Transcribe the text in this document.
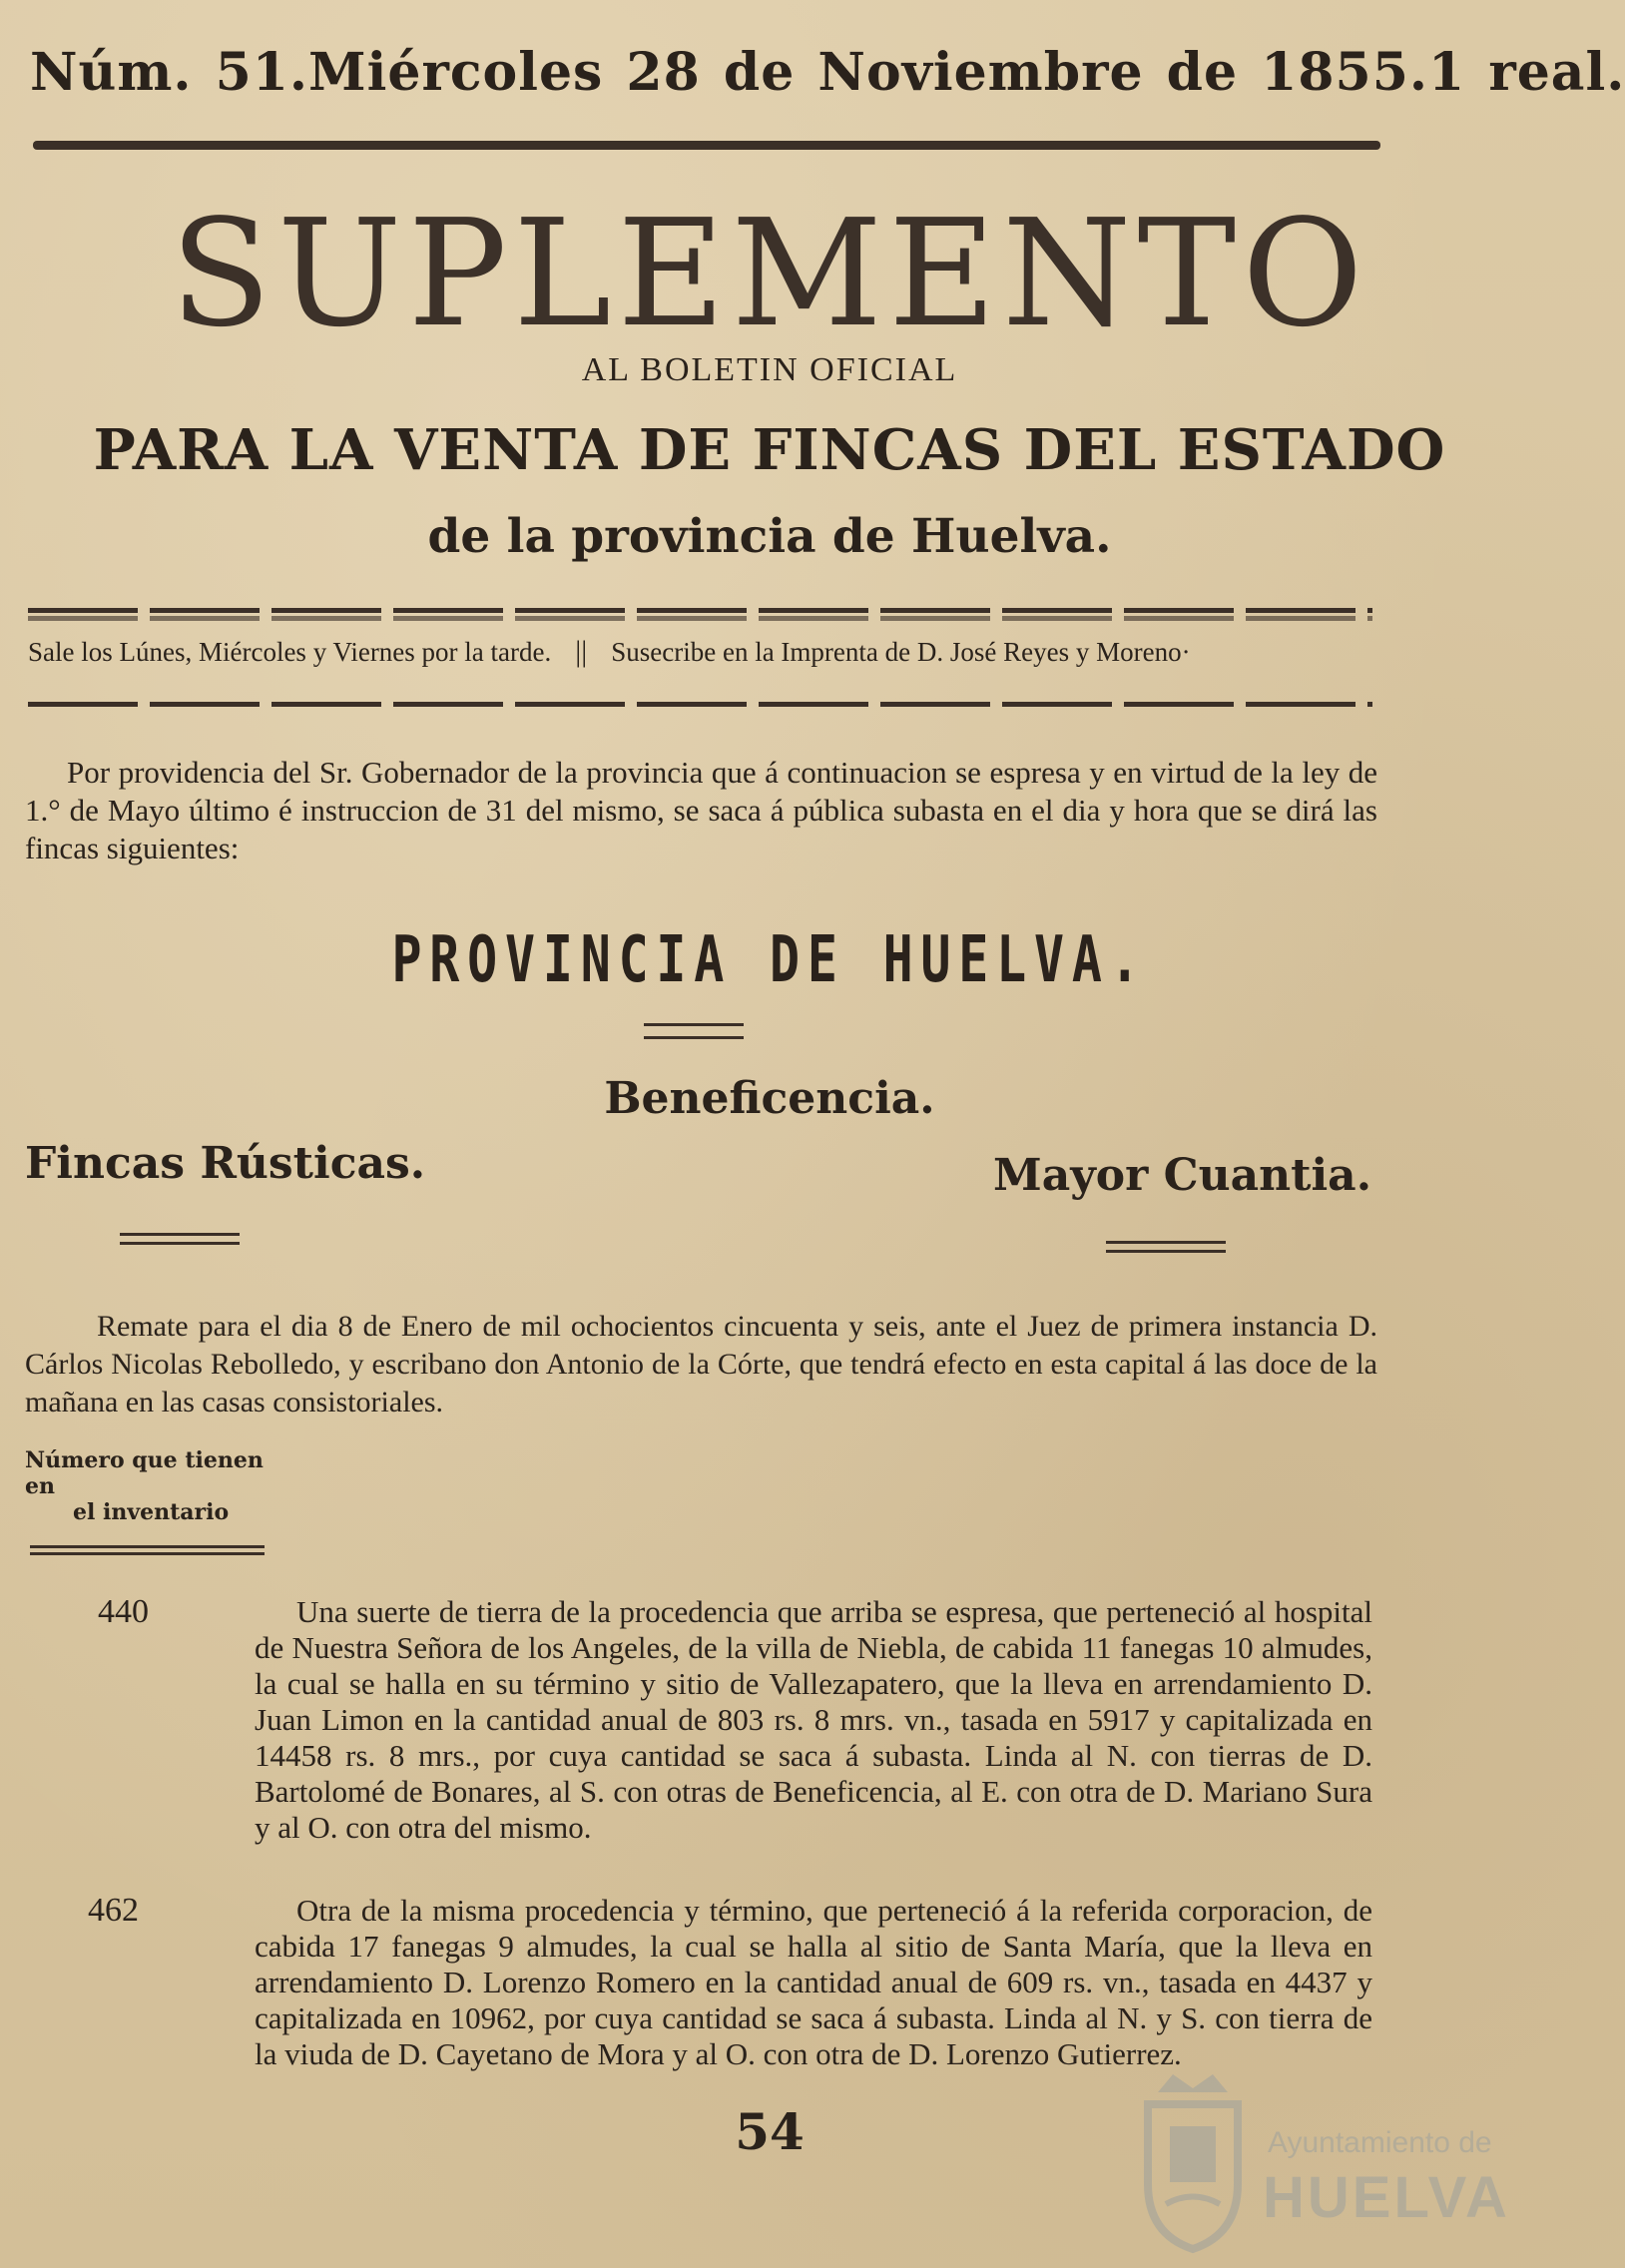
Núm. 51. Miércoles 28 de Noviembre de 1855. 1 real.
SUPLEMENTO
AL BOLETIN OFICIAL
PARA LA VENTA DE FINCAS DEL ESTADO
de la provincia de Huelva.
Sale los Lúnes, Miércoles y Viernes por la tarde. || Susecribe en la Imprenta de D. José Reyes y Moreno·
Por providencia del Sr. Gobernador de la provincia que á continuacion se espresa y en virtud de la ley de 1.° de Mayo último é instruccion de 31 del mismo, se saca á pública subasta en el dia y hora que se dirá las fincas siguientes:
PROVINCIA DE HUELVA.
Beneficencia.
Fincas Rústicas.	Mayor Cuantia.
Remate para el dia 8 de Enero de mil ochocientos cincuenta y seis, ante el Juez de primera instancia D. Cárlos Nicolas Rebolledo, y escribano don Antonio de la Córte, que tendrá efecto en esta capital á las doce de la mañana en las casas consistoriales.
Número que tienen en
el inventario
440	Una suerte de tierra de la procedencia que arriba se espresa, que perteneció al hospital de Nuestra Señora de los Angeles, de la villa de Niebla, de cabida 11 fanegas 10 almudes, la cual se halla en su término y sitio de Vallezapatero, que la lleva en arrendamiento D. Juan Limon en la cantidad anual de 803 rs. 8 mrs. vn., tasada en 5917 y capitalizada en 14458 rs. 8 mrs., por cuya cantidad se saca á subasta. Linda al N. con tierras de D. Bartolomé de Bonares, al S. con otras de Beneficencia, al E. con otra de D. Mariano Sura y al O. con otra del mismo.
462	Otra de la misma procedencia y término, que perteneció á la referida corporacion, de cabida 17 fanegas 9 almudes, la cual se halla al sitio de Santa María, que la lleva en arrendamiento D. Lorenzo Romero en la cantidad anual de 609 rs. vn., tasada en 4437 y capitalizada en 10962, por cuya cantidad se saca á subasta. Linda al N. y S. con tierra de la viuda de D. Cayetano de Mora y al O. con otra de D. Lorenzo Gutierrez.
54	Ayuntamiento de
HUELVA
